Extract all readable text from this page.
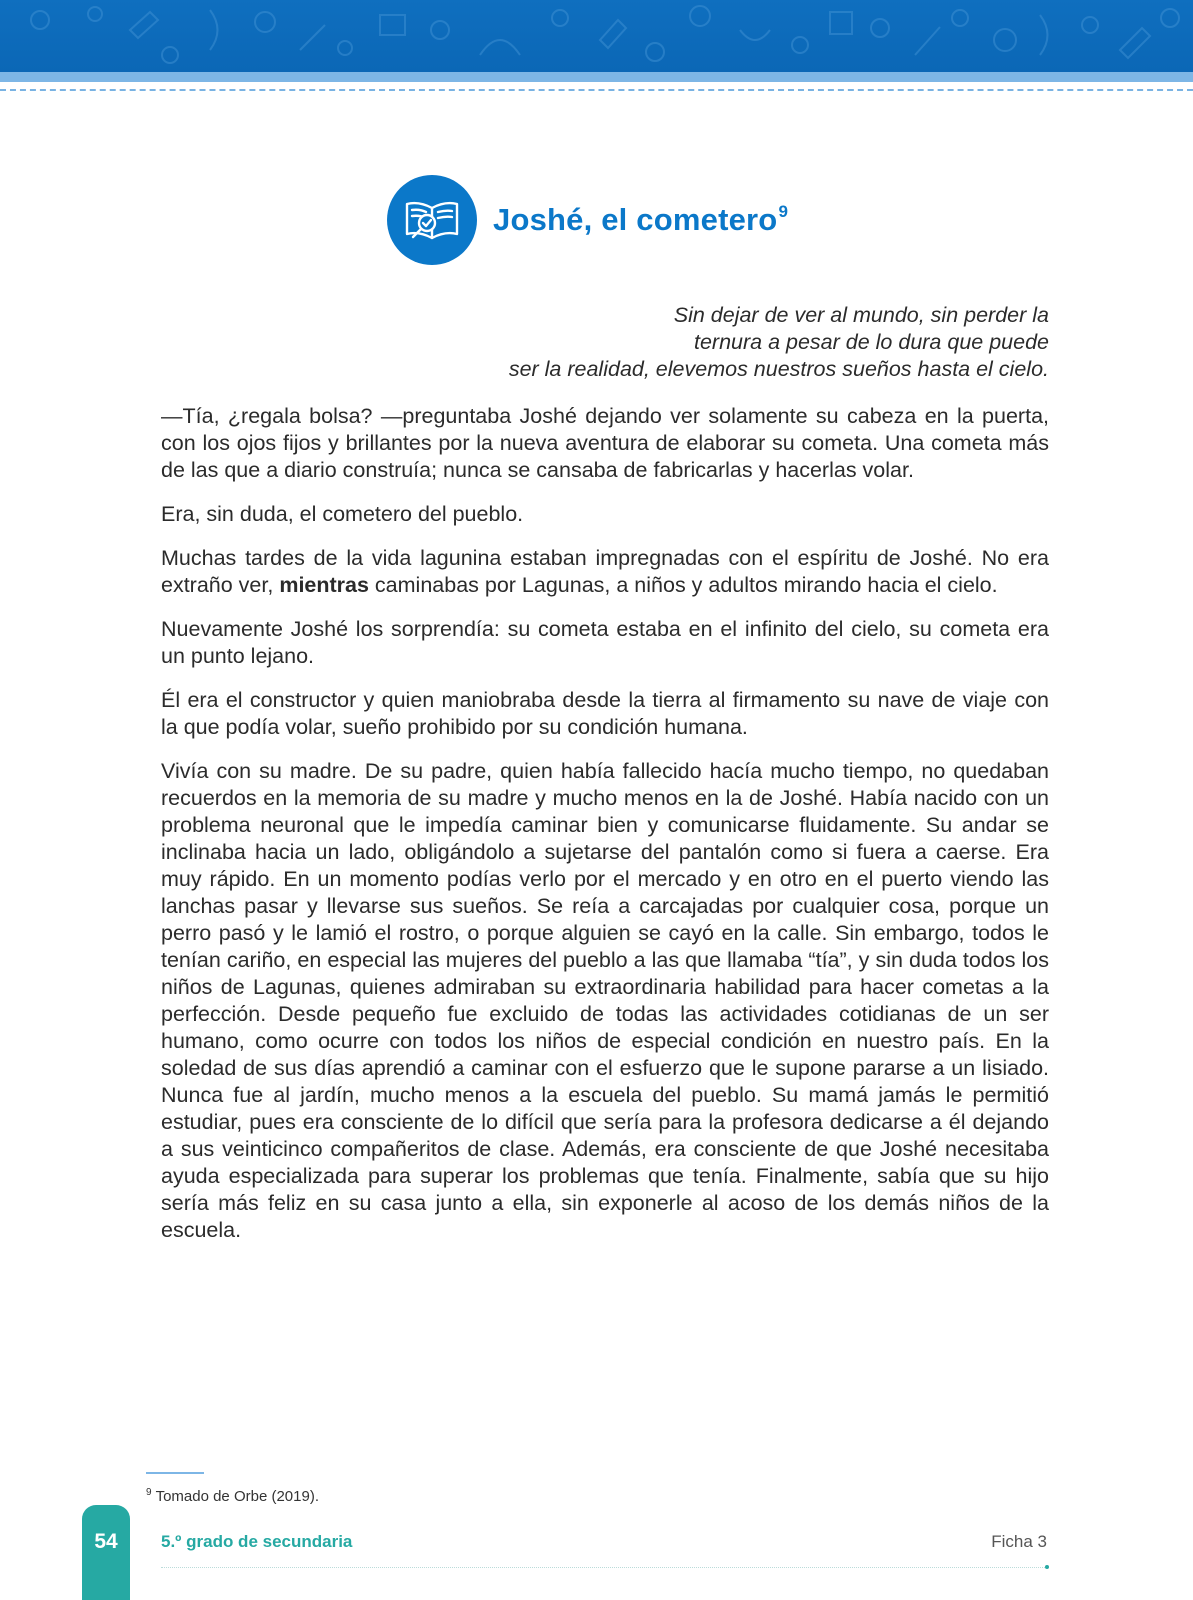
Joshé, el cometero$^9$
Sin dejar de ver al mundo, sin perder la
ternura a pesar de lo dura que puede
ser la realidad, elevemos nuestros sueños hasta el cielo.

—Tía, ¿regala bolsa? —preguntaba Joshé dejando ver solamente su cabeza en la puerta, con los ojos fijos y brillantes por la nueva aventura de elaborar su cometa. Una cometa más de las que a diario construía; nunca se cansaba de fabricarlas y hacerlas volar.

Era, sin duda, el cometero del pueblo.

Muchas tardes de la vida lagunina estaban impregnadas con el espíritu de Joshé. No era extraño ver, mientras caminabas por Lagunas, a niños y adultos mirando hacia el cielo.

Nuevamente Joshé los sorprendía: su cometa estaba en el infinito del cielo, su cometa era un punto lejano.

Él era el constructor y quien maniobraba desde la tierra al firmamento su nave de viaje con la que podía volar, sueño prohibido por su condición humana.

Vivía con su madre. De su padre, quien había fallecido hacía mucho tiempo, no quedaban recuerdos en la memoria de su madre y mucho menos en la de Joshé. Había nacido con un problema neuronal que le impedía caminar bien y comunicarse fluidamente. Su andar se inclinaba hacia un lado, obligándolo a sujetarse del pantalón como si fuera a caerse. Era muy rápido. En un momento podías verlo por el mercado y en otro en el puerto viendo las lanchas pasar y llevarse sus sueños. Se reía a carcajadas por cualquier cosa, porque un perro pasó y le lamió el rostro, o porque alguien se cayó en la calle. Sin embargo, todos le tenían cariño, en especial las mujeres del pueblo a las que llamaba “tía”, y sin duda todos los niños de Lagunas, quienes admiraban su extraordinaria habilidad para hacer cometas a la perfección. Desde pequeño fue excluido de todas las actividades cotidianas de un ser humano, como ocurre con todos los niños de especial condición en nuestro país. En la soledad de sus días aprendió a caminar con el esfuerzo que le supone pararse a un lisiado. Nunca fue al jardín, mucho menos a la escuela del pueblo. Su mamá jamás le permitió estudiar, pues era consciente de lo difícil que sería para la profesora dedicarse a él dejando a sus veinticinco compañeritos de clase. Además, era consciente de que Joshé necesitaba ayuda especializada para superar los problemas que tenía. Finalmente, sabía que su hijo sería más feliz en su casa junto a ella, sin exponerle al acoso de los demás niños de la escuela.

$^9$ Tomado de Orbe (2019).
54	5.º grado de secundaria	Ficha 3
